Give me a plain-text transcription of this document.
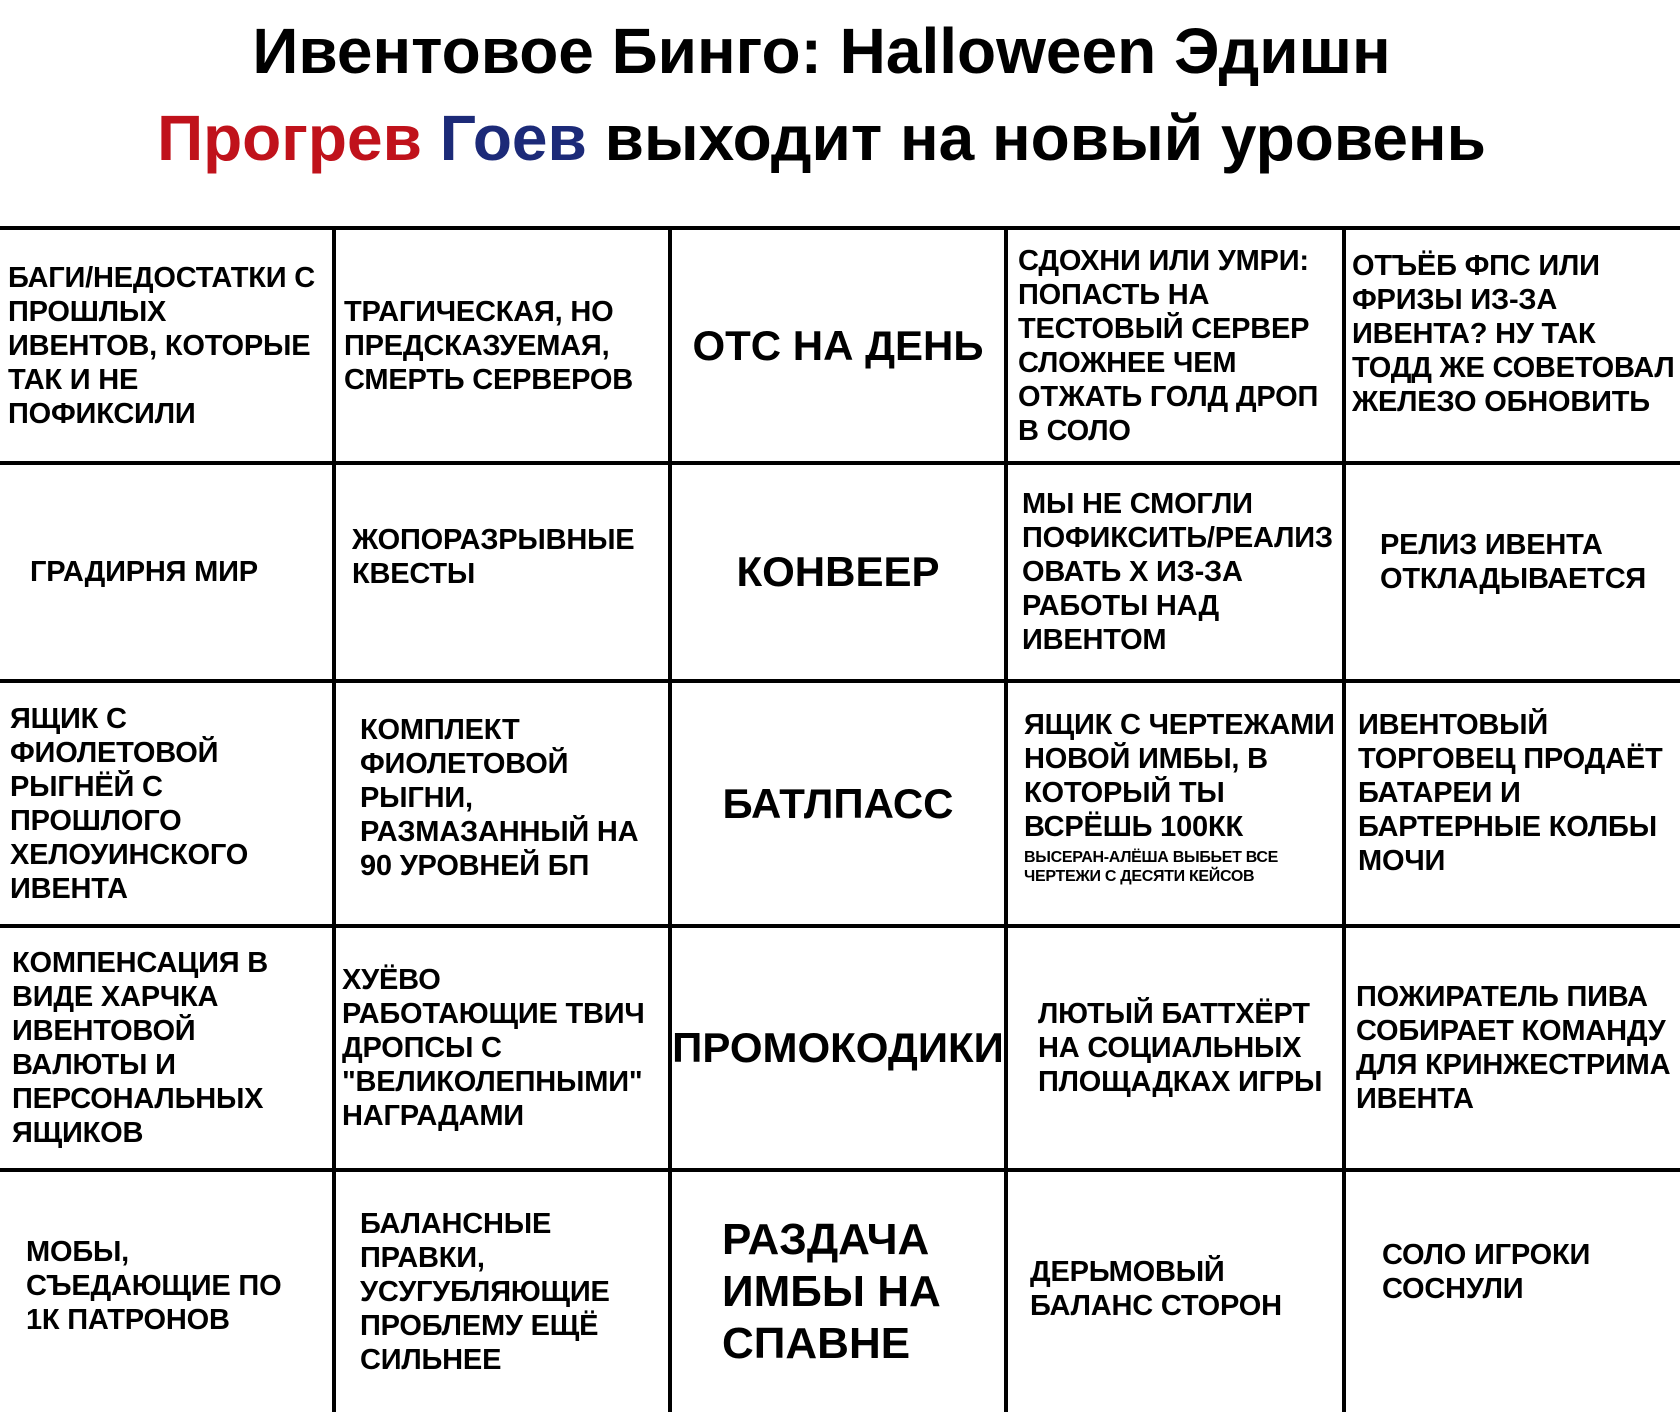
Ивентовое Бинго: Halloween Эдишн
Прогрев Гоев выходит на новый уровень
БАГИ/НЕДОСТАТКИ С
ПРОШЛЫХ
ИВЕНТОВ, КОТОРЫЕ
ТАК И НЕ
ПОФИКСИЛИ
ТРАГИЧЕСКАЯ, НО
ПРЕДСКАЗУЕМАЯ,
СМЕРТЬ СЕРВЕРОВ
ОТС НА ДЕНЬ
СДОХНИ ИЛИ УМРИ:
ПОПАСТЬ НА
ТЕСТОВЫЙ СЕРВЕР
СЛОЖНЕЕ ЧЕМ
ОТЖАТЬ ГОЛД ДРОП
В СОЛО
ОТЪЁБ ФПС ИЛИ
ФРИЗЫ ИЗ-ЗА
ИВЕНТА? НУ ТАК
ТОДД ЖЕ СОВЕТОВАЛ
ЖЕЛЕЗО ОБНОВИТЬ
ГРАДИРНЯ МИР
ЖОПОРАЗРЫВНЫЕ
КВЕСТЫ	КОНВЕЕР
МЫ НЕ СМОГЛИ
ПОФИКСИТЬ/РЕАЛИЗ
ОВАТЬ X ИЗ-ЗА
РАБОТЫ НАД
ИВЕНТОМ
РЕЛИЗ ИВЕНТА
ОТКЛАДЫВАЕТСЯ
ЯЩИК С
ФИОЛЕТОВОЙ
РЫГНЁЙ С
ПРОШЛОГО
ХЕЛОУИНСКОГО
ИВЕНТА
КОМПЛЕКТ
ФИОЛЕТОВОЙ
РЫГНИ,
РАЗМАЗАННЫЙ НА
90 УРОВНЕЙ БП
БАТЛПАСС
ЯЩИК С ЧЕРТЕЖАМИ
НОВОЙ ИМБЫ, В
КОТОРЫЙ ТЫ
ВСРЁШЬ 100КК
ВЫСЕРАН-АЛЁША ВЫБЬЕТ ВСЕ
ЧЕРТЕЖИ С ДЕСЯТИ КЕЙСОВ
ИВЕНТОВЫЙ
ТОРГОВЕЦ ПРОДАЁТ
БАТАРЕИ И
БАРТЕРНЫЕ КОЛБЫ
МОЧИ
КОМПЕНСАЦИЯ В
ВИДЕ ХАРЧКА
ИВЕНТОВОЙ
ВАЛЮТЫ И
ПЕРСОНАЛЬНЫХ
ЯЩИКОВ
ХУЁВО
РАБОТАЮЩИЕ ТВИЧ
ДРОПСЫ С
"ВЕЛИКОЛЕПНЫМИ"
НАГРАДАМИ
ПРОМОКОДИКИ
ЛЮТЫЙ БАТТХЁРТ
НА СОЦИАЛЬНЫХ
ПЛОЩАДКАХ ИГРЫ
ПОЖИРАТЕЛЬ ПИВА
СОБИРАЕТ КОМАНДУ
ДЛЯ КРИНЖЕСТРИМА
ИВЕНТА
МОБЫ,
СЪЕДАЮЩИЕ ПО
1К ПАТРОНОВ
БАЛАНСНЫЕ
ПРАВКИ,
УСУГУБЛЯЮЩИЕ
ПРОБЛЕМУ ЕЩЁ
СИЛЬНЕЕ
РАЗДАЧА
ИМБЫ НА
СПАВНЕ
ДЕРЬМОВЫЙ
БАЛАНС СТОРОН
СОЛО ИГРОКИ
СОСНУЛИ
